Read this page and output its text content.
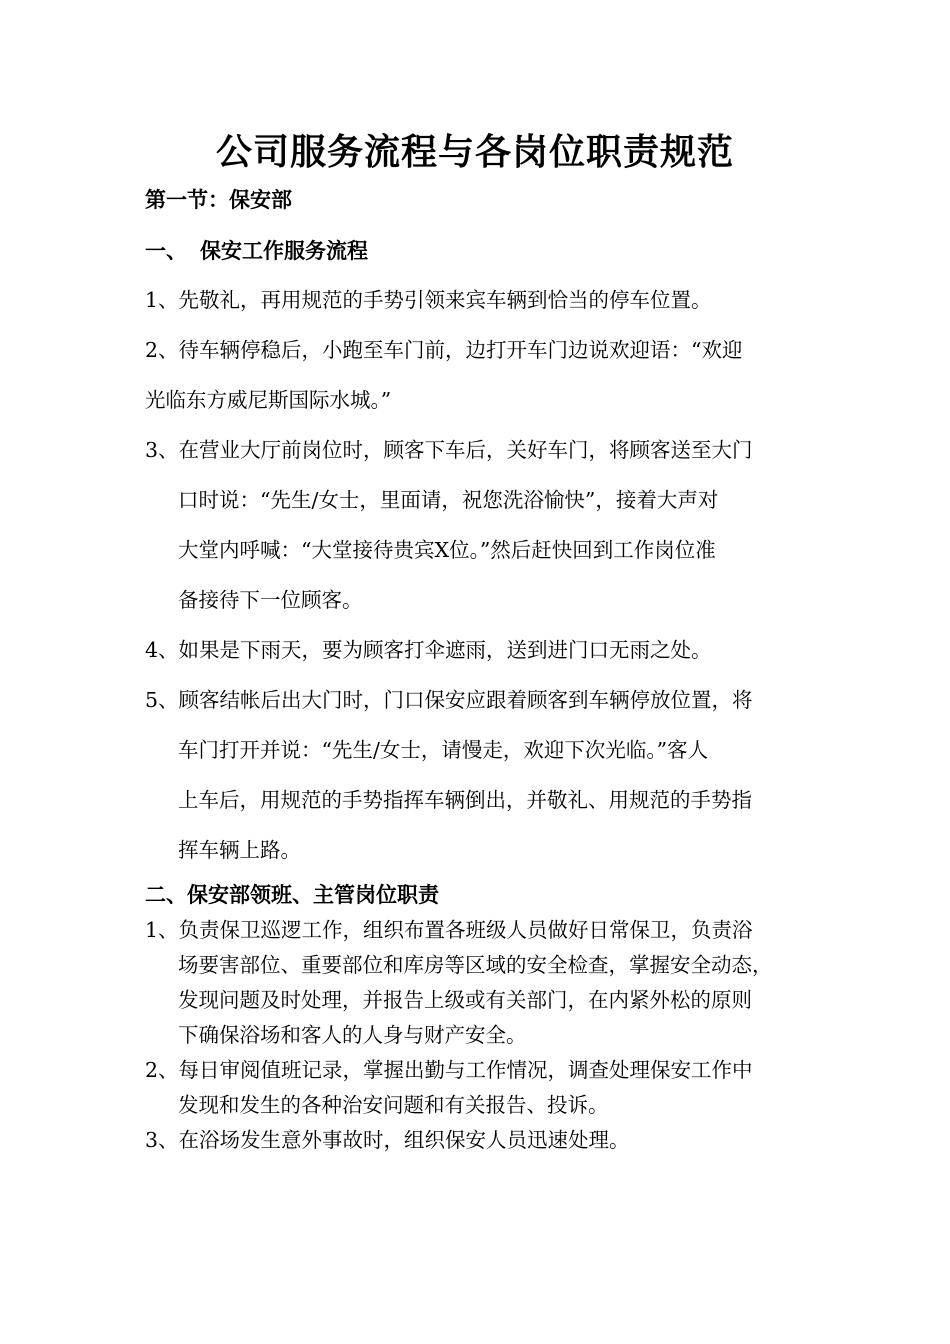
公司服务流程与各岗位职责规范
第一节：保安部
一、 保安工作服务流程
1、先敬礼，再用规范的手势引领来宾车辆到恰当的停车位置。
2、待车辆停稳后，小跑至车门前，边打开车门边说欢迎语：“欢迎
光临东方威尼斯国际水城。”
3、在营业大厅前岗位时，顾客下车后，关好车门，将顾客送至大门
口时说：“先生/女士，里面请，祝您洗浴愉快”，接着大声对
大堂内呼喊：“大堂接待贵宾X位。”然后赶快回到工作岗位准
备接待下一位顾客。
4、如果是下雨天，要为顾客打伞遮雨，送到进门口无雨之处。
5、顾客结帐后出大门时，门口保安应跟着顾客到车辆停放位置，将
车门打开并说：“先生/女士，请慢走，欢迎下次光临。”客人
上车后，用规范的手势指挥车辆倒出，并敬礼、用规范的手势指
挥车辆上路。
二、保安部领班、主管岗位职责
1、负责保卫巡逻工作，组织布置各班级人员做好日常保卫，负责浴
场要害部位、重要部位和库房等区域的安全检查，掌握安全动态，
发现问题及时处理，并报告上级或有关部门，在内紧外松的原则
下确保浴场和客人的人身与财产安全。
2、每日审阅值班记录，掌握出勤与工作情况，调查处理保安工作中
发现和发生的各种治安问题和有关报告、投诉。
3、在浴场发生意外事故时，组织保安人员迅速处理。
